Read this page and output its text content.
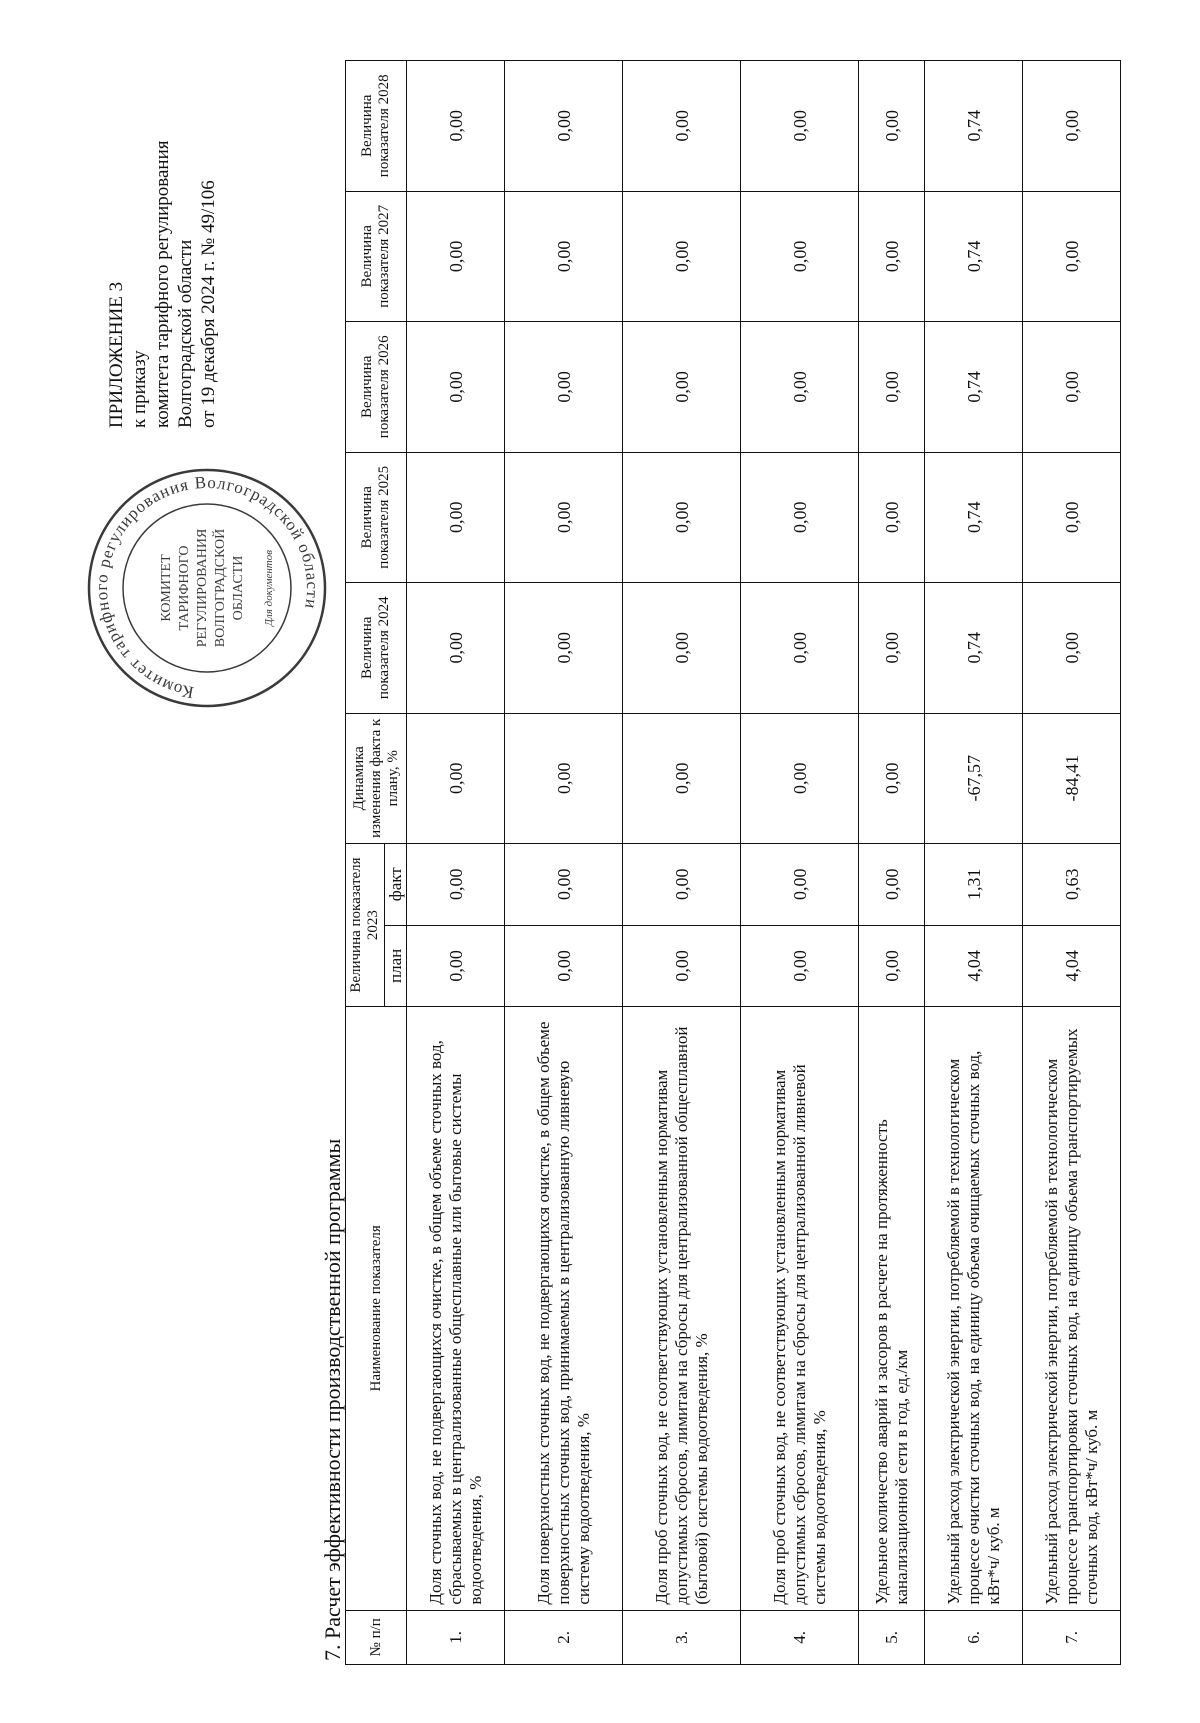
ПРИЛОЖЕНИЕ 3 к приказу комитета тарифного регулирования Волгоградской области от 19 декабря 2024 г. № 49/106
Комитет тарифного регулирования Волгоградской области
КОМИТЕТ ТАРИФНОГО РЕГУЛИРОВАНИЯ ВОЛГОГРАДСКОЙ ОБЛАСТИ Для документов
7. Расчет эффективности производственной программы № п/п	Наименование показателя	Величина показателя 2023		Динамика изменения факта к плану, %	Величина показателя 2024	Величина показателя 2025	Величина показателя 2026	Величина показателя 2027	Величина показателя 2028
		план	факт						
1.	Доля сточных вод, не подвергающихся очистке, в общем объеме сточных вод, сбрасываемых в централизованные общесплавные или бытовые системы водоотведения, %	0,00	0,00	0,00	0,00	0,00	0,00	0,00	0,00
2.	Доля поверхностных сточных вод, не подвергающихся очистке, в общем объеме поверхностных сточных вод, принимаемых в централизованную ливневую систему водоотведения, %	0,00	0,00	0,00	0,00	0,00	0,00	0,00	0,00
3.	Доля проб сточных вод, не соответствующих установленным нормативам допустимых сбросов, лимитам на сбросы для централизованной общесплавной (бытовой) системы водоотведения, %	0,00	0,00	0,00	0,00	0,00	0,00	0,00	0,00
4.	Доля проб сточных вод, не соответствующих установленным нормативам допустимых сбросов, лимитам на сбросы для централизованной ливневой системы водоотведения, %	0,00	0,00	0,00	0,00	0,00	0,00	0,00	0,00
5.	Удельное количество аварий и засоров в расчете на протяженность канализационной сети в год, ед./км	0,00	0,00	0,00	0,00	0,00	0,00	0,00	0,00
6.	Удельный расход электрической энергии, потребляемой в технологическом процессе очистки сточных вод, на единицу объема очищаемых сточных вод, кВт*ч/ куб. м	4,04	1,31	-67,57	0,74	0,74	0,74	0,74	0,74
7.	Удельный расход электрической энергии, потребляемой в технологическом процессе транспортировки сточных вод, на единицу объема транспортируемых сточных вод, кВт*ч/ куб. м	4,04	0,63	-84,41	0,00	0,00	0,00	0,00	0,00
